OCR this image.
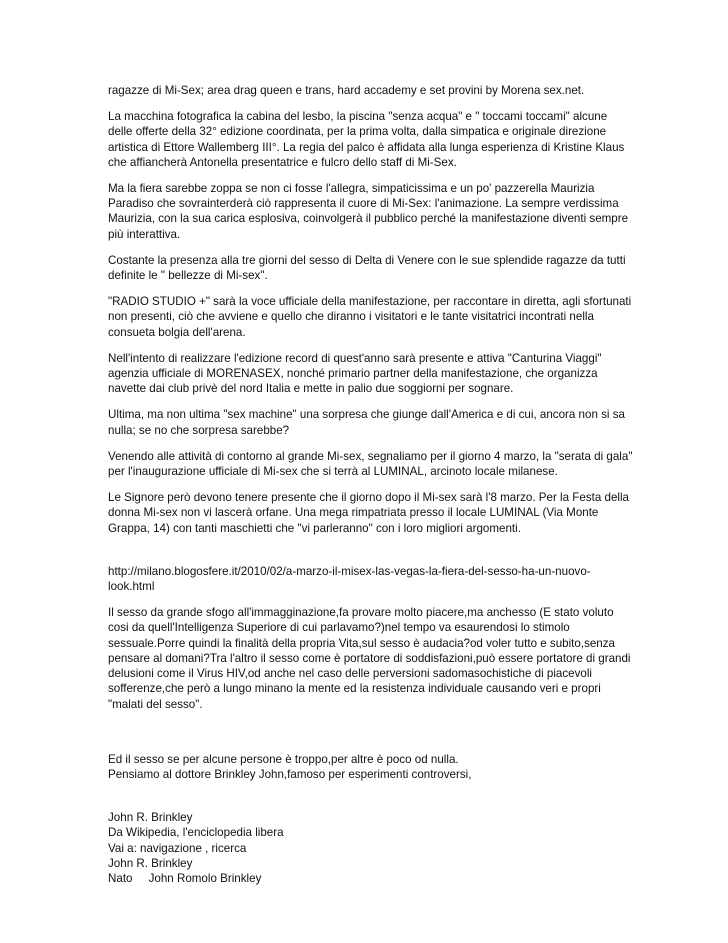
ragazze di Mi-Sex; area drag queen e trans, hard accademy e set provini by Morena sex.net.

La macchina fotografica la cabina del lesbo, la piscina "senza acqua" e " toccami toccami" alcune delle offerte della 32° edizione coordinata, per la prima volta, dalla simpatica e originale direzione artistica di Ettore Wallemberg III°. La regia del palco è affidata alla lunga esperienza di Kristine Klaus che affiancherà Antonella presentatrice e fulcro dello staff di Mi-Sex.

Ma la fiera sarebbe zoppa se non ci fosse l'allegra, simpaticissima e un po' pazzerella Maurizia Paradiso che sovrainterderà ciò rappresenta il cuore di Mi-Sex: l'animazione. La sempre verdissima Maurizia, con la sua carica esplosiva, coinvolgerà il pubblico perché la manifestazione diventi sempre più interattiva.

Costante la presenza alla tre giorni del sesso di Delta di Venere con le sue splendide ragazze da tutti definite le " bellezze di Mi-sex".

"RADIO STUDIO +" sarà la voce ufficiale della manifestazione, per raccontare in diretta, agli sfortunati non presenti, ciò che avviene e quello che diranno i visitatori e le tante visitatrici incontrati nella consueta bolgia dell'arena.

Nell'intento di realizzare l'edizione record di quest'anno sarà presente e attiva "Canturina Viaggi" agenzia ufficiale di MORENASEX, nonché primario partner della manifestazione, che organizza navette dai club privè del nord Italia e mette in palio due soggiorni per sognare.

Ultima, ma non ultima "sex machine" una sorpresa che giunge dall'America e di cui, ancora non si sa nulla; se no che sorpresa sarebbe?

Venendo alle attività di contorno al grande Mi-sex, segnaliamo per il giorno 4 marzo, la "serata di gala" per l'inaugurazione ufficiale di Mi-sex che si terrà al LUMINAL, arcinoto locale milanese.

Le Signore però devono tenere presente che il giorno dopo il Mi-sex sarà l'8 marzo. Per la Festa della donna Mi-sex non vi lascerà orfane. Una mega rimpatriata presso il locale LUMINAL (Via Monte Grappa, 14) con tanti maschietti che "vi parleranno" con i loro migliori argomenti.

http://milano.blogosfere.it/2010/02/a-marzo-il-misex-las-vegas-la-fiera-del-sesso-ha-un-nuovo-look.html

Il sesso da grande sfogo all'immagginazione,fa provare molto piacere,ma anchesso (E stato voluto cosi da quell'Intelligenza Superiore di cui parlavamo?)nel tempo va esaurendosi lo stimolo sessuale.Porre quindi la finalità della propria Vita,sul sesso è audacia?od voler tutto e subito,senza pensare al domani?Tra l'altro il sesso come è portatore di soddisfazioni,può essere portatore di grandi delusioni come il Virus HIV,od anche nel caso delle perversioni sadomasochistiche di piacevoli sofferenze,che però a lungo minano la mente ed la resistenza individuale causando veri e propri "malati del sesso".

Ed il sesso se per alcune persone è troppo,per altre è poco od nulla.
Pensiamo al dottore Brinkley John,famoso per esperimenti controversi,
John R. Brinkley
Da Wikipedia, l'enciclopedia libera
Vai a: navigazione , ricerca
John R. Brinkley
Nato     John Romolo Brinkley
